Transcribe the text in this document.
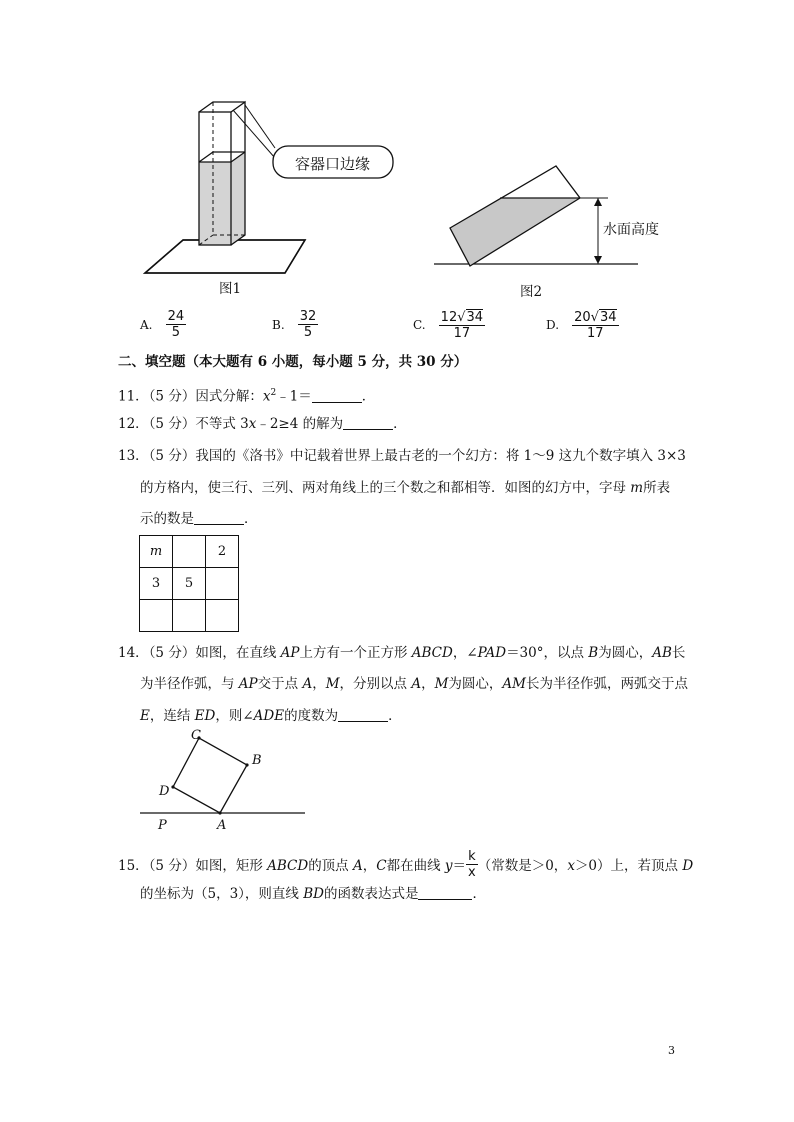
容器口边缘
图1
水面高度
图2
A. $\frac{24}{5}$	B. $\frac{32}{5}$	C. $\frac{12√34}{17}$	D. $\frac{20√34}{17}$
二、填空题（本大题有 6 小题，每小题 5 分，共 30 分）
11．（5 分）因式分解：$x^2﹣1=$	．
12．（5 分）不等式 3x﹣2≥4 的解为	．
13．（5 分）我国的《洛书》中记载着世界上最古老的一个幻方：将 1～9 这九个数字填入 3×3
的方格内，使三行、三列、两对角线上的三个数之和都相等．如图的幻方中，字母 m所表
示的数是	．
m		2
3	5	

14．（5 分）如图，在直线 AP上方有一个正方形 ABCD，∠PAD＝30°，以点 B为圆心，AB长
为半径作弧，与 AP交于点 A，M，分别以点 A，M为圆心，AM长为半径作弧，两弧交于点
E，连结 ED，则∠ADE的度数为	．
C
B
D
P	A
15．（5 分）如图，矩形 ABCD的顶点 A，C都在曲线 $y= \frac{k}{x}$ （常数是＞0，x＞0）上，若顶点 D
的坐标为（5，3），则直线 BD的函数表达式是	．
3
